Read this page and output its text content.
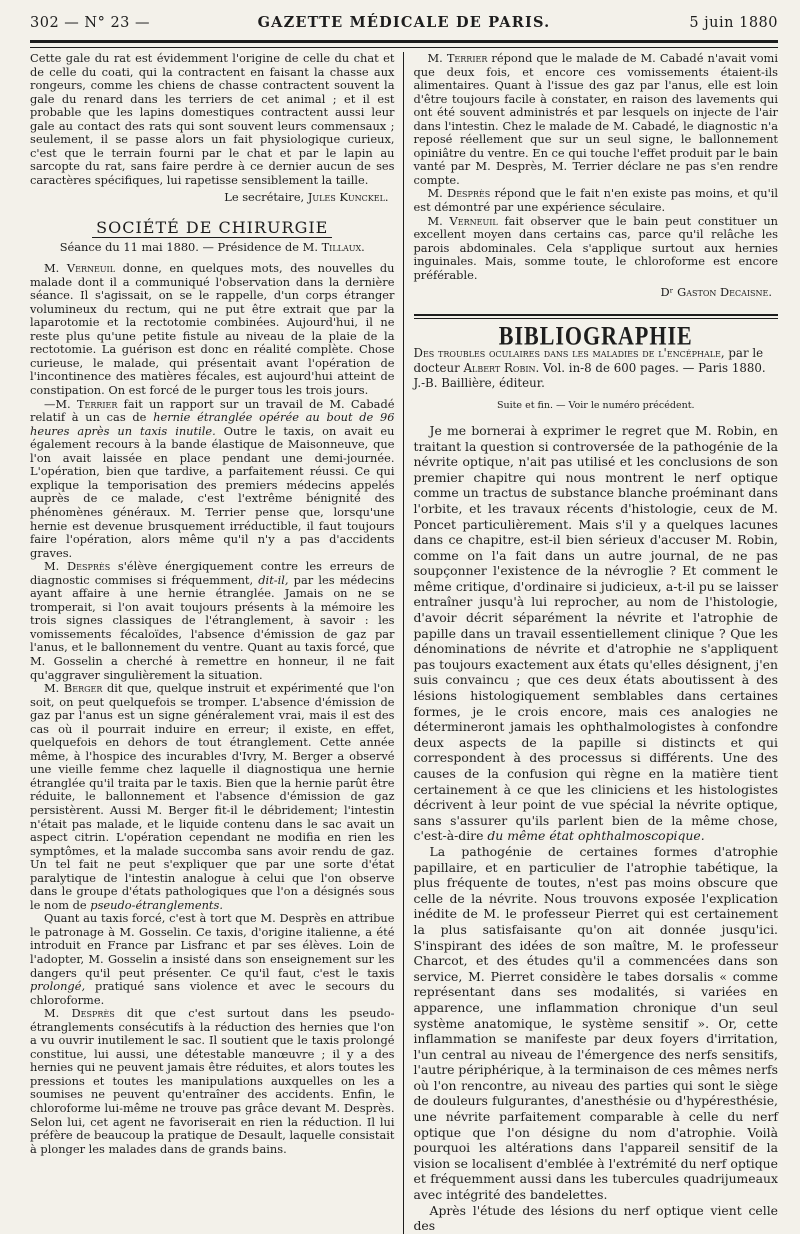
302 — N° 23 —	GAZETTE MÉDICALE DE PARIS.	5 juin 1880

Cette gale du rat est évidemment l'origine de celle du chat et de celle du coati, qui la contractent en faisant la chasse aux rongeurs, comme les chiens de chasse contractent souvent la gale du renard dans les terriers de cet animal ; et il est probable que les lapins domestiques contractent aussi leur gale au contact des rats qui sont souvent leurs commensaux ; seulement, il se passe alors un fait physiologique curieux, c'est que le terrain fourni par le chat et par le lapin au sarcopte du rat, sans faire perdre à ce dernier aucun de ses caractères spécifiques, lui rapetisse sensiblement la taille.

Le secrétaire, Jules Kunckel.

SOCIÉTÉ DE CHIRURGIE

Séance du 11 mai 1880. — Présidence de M. Tillaux.

M. Verneuil donne, en quelques mots, des nouvelles du malade dont il a communiqué l'observation dans la dernière séance. Il s'agissait, on se le rappelle, d'un corps étranger volumineux du rectum, qui ne put être extrait que par la laparotomie et la rectotomie combinées. Aujourd'hui, il ne reste plus qu'une petite fistule au niveau de la plaie de la rectotomie. La guérison est donc en réalité complète. Chose curieuse, le malade, qui présentait avant l'opération de l'incontinence des matières fécales, est aujourd'hui atteint de constipation. On est forcé de le purger tous les trois jours.

—M. Terrier fait un rapport sur un travail de M. Cabadé relatif à un cas de hernie étranglée opérée au bout de 96 heures après un taxis inutile. Outre le taxis, on avait eu également recours à la bande élastique de Maisonneuve, que l'on avait laissée en place pendant une demi-journée. L'opération, bien que tardive, a parfaitement réussi. Ce qui explique la temporisation des premiers médecins appelés auprès de ce malade, c'est l'extrême bénignité des phénomènes généraux. M. Terrier pense que, lorsqu'une hernie est devenue brusquement irréductible, il faut toujours faire l'opération, alors même qu'il n'y a pas d'accidents graves.

M. Desprès s'élève énergiquement contre les erreurs de diagnostic commises si fréquemment, dit-il, par les médecins ayant affaire à une hernie étranglée. Jamais on ne se tromperait, si l'on avait toujours présents à la mémoire les trois signes classiques de l'étranglement, à savoir : les vomissements fécaloïdes, l'absence d'émission de gaz par l'anus, et le ballonnement du ventre. Quant au taxis forcé, que M. Gosselin a cherché à remettre en honneur, il ne fait qu'aggraver singulièrement la situation.

M. Berger dit que, quelque instruit et expérimenté que l'on soit, on peut quelquefois se tromper. L'absence d'émission de gaz par l'anus est un signe généralement vrai, mais il est des cas où il pourrait induire en erreur; il existe, en effet, quelquefois en dehors de tout étranglement. Cette année même, à l'hospice des incurables d'Ivry, M. Berger a observé une vieille femme chez laquelle il diagnostiqua une hernie étranglée qu'il traita par le taxis. Bien que la hernie parût être réduite, le ballonnement et l'absence d'émission de gaz persistèrent. Aussi M. Berger fit-il le débridement; l'intestin n'était pas malade, et le liquide contenu dans le sac avait un aspect citrin. L'opération cependant ne modifia en rien les symptômes, et la malade succomba sans avoir rendu de gaz. Un tel fait ne peut s'expliquer que par une sorte d'état paralytique de l'intestin analogue à celui que l'on observe dans le groupe d'états pathologiques que l'on a désignés sous le nom de pseudo-étranglements.

Quant au taxis forcé, c'est à tort que M. Desprès en attribue le patronage à M. Gosselin. Ce taxis, d'origine italienne, a été introduit en France par Lisfranc et par ses élèves. Loin de l'adopter, M. Gosselin a insisté dans son enseignement sur les dangers qu'il peut présenter. Ce qu'il faut, c'est le taxis prolongé, pratiqué sans violence et avec le secours du chloroforme.

M. Desprès dit que c'est surtout dans les pseudo-étranglements consécutifs à la réduction des hernies que l'on a vu ouvrir inutilement le sac. Il soutient que le taxis prolongé constitue, lui aussi, une détestable manœuvre ; il y a des hernies qui ne peuvent jamais être réduites, et alors toutes les pressions et toutes les manipulations auxquelles on les a soumises ne peuvent qu'entraîner des accidents. Enfin, le chloroforme lui-même ne trouve pas grâce devant M. Desprès. Selon lui, cet agent ne favoriserait en rien la réduction. Il lui préfère de beaucoup la pratique de Desault, laquelle consistait à plonger les malades dans de grands bains.

M. Terrier répond que le malade de M. Cabadé n'avait vomi que deux fois, et encore ces vomissements étaient-ils alimentaires. Quant à l'issue des gaz par l'anus, elle est loin d'être toujours facile à constater, en raison des lavements qui ont été souvent administrés et par lesquels on injecte de l'air dans l'intestin. Chez le malade de M. Cabadé, le diagnostic n'a reposé réellement que sur un seul signe, le ballonnement opiniâtre du ventre. En ce qui touche l'effet produit par le bain vanté par M. Desprès, M. Terrier déclare ne pas s'en rendre compte.

M. Desprès répond que le fait n'en existe pas moins, et qu'il est démontré par une expérience séculaire.

M. Verneuil fait observer que le bain peut constituer un excellent moyen dans certains cas, parce qu'il relâche les parois abdominales. Cela s'applique surtout aux hernies inguinales. Mais, somme toute, le chloroforme est encore préférable.

Dʳ Gaston Decaisne.

BIBLIOGRAPHIE

Des troubles oculaires dans les maladies de l'encéphale, par le docteur Albert Robin. Vol. in-8 de 600 pages. — Paris 1880. J.-B. Baillière, éditeur.

Suite et fin. — Voir le numéro précédent.

Je me bornerai à exprimer le regret que M. Robin, en traitant la question si controversée de la pathogénie de la névrite optique, n'ait pas utilisé et les conclusions de son premier chapitre qui nous montrent le nerf optique comme un tractus de substance blanche proéminant dans l'orbite, et les travaux récents d'histologie, ceux de M. Poncet particulièrement. Mais s'il y a quelques lacunes dans ce chapitre, est-il bien sérieux d'accuser M. Robin, comme on l'a fait dans un autre journal, de ne pas soupçonner l'existence de la névroglie ? Et comment le même critique, d'ordinaire si judicieux, a-t-il pu se laisser entraîner jusqu'à lui reprocher, au nom de l'histologie, d'avoir décrit séparément la névrite et l'atrophie de papille dans un travail essentiellement clinique ? Que les dénominations de névrite et d'atrophie ne s'appliquent pas toujours exactement aux états qu'elles désignent, j'en suis convaincu ; que ces deux états aboutissent à des lésions histologiquement semblables dans certaines formes, je le crois encore, mais ces analogies ne détermineront jamais les ophthalmologistes à confondre deux aspects de la papille si distincts et qui correspondent à des processus si différents. Une des causes de la confusion qui règne en la matière tient certainement à ce que les cliniciens et les histologistes décrivent à leur point de vue spécial la névrite optique, sans s'assurer qu'ils parlent bien de la même chose, c'est-à-dire du même état ophthalmoscopique.

La pathogénie de certaines formes d'atrophie papillaire, et en particulier de l'atrophie tabétique, la plus fréquente de toutes, n'est pas moins obscure que celle de la névrite. Nous trouvons exposée l'explication inédite de M. le professeur Pierret qui est certainement la plus satisfaisante qu'on ait donnée jusqu'ici. S'inspirant des idées de son maître, M. le professeur Charcot, et des études qu'il a commencées dans son service, M. Pierret considère le tabes dorsalis « comme représentant dans ses modalités, si variées en apparence, une inflammation chronique d'un seul système anatomique, le système sensitif ». Or, cette inflammation se manifeste par deux foyers d'irritation, l'un central au niveau de l'émergence des nerfs sensitifs, l'autre périphérique, à la terminaison de ces mêmes nerfs où l'on rencontre, au niveau des parties qui sont le siège de douleurs fulgurantes, d'anesthésie ou d'hypéresthésie, une névrite parfaitement comparable à celle du nerf optique que l'on désigne du nom d'atrophie. Voilà pourquoi les altérations dans l'appareil sensitif de la vision se localisent d'emblée à l'extrémité du nerf optique et fréquemment aussi dans les tubercules quadrijumeaux avec intégrité des bandelettes.

Après l'étude des lésions du nerf optique vient celle des
